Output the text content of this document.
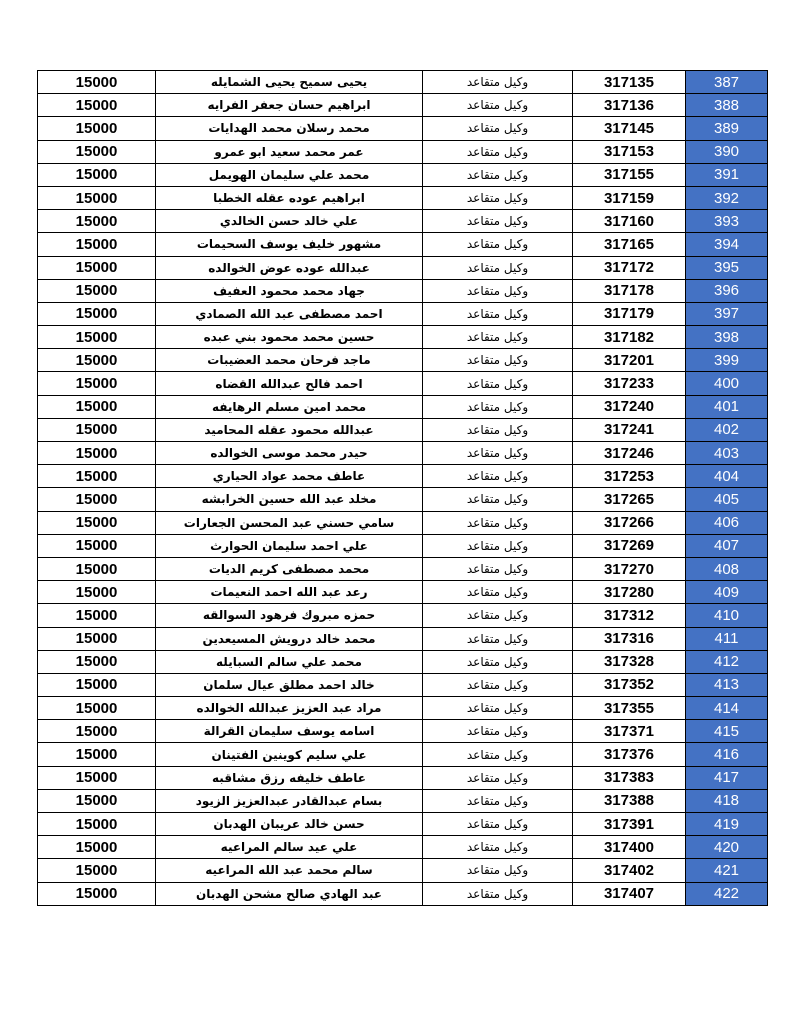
15000	يحيى سميح يحيى الشمايله	وكيل متقاعد	317135	387
15000	ابراهيم حسان جعفر الفرايه	وكيل متقاعد	317136	388
15000	محمد رسلان محمد الهدايات	وكيل متقاعد	317145	389
15000	عمر محمد سعيد ابو عمرو	وكيل متقاعد	317153	390
15000	محمد علي سليمان الهويمل	وكيل متقاعد	317155	391
15000	ابراهيم عوده عقله الخطبا	وكيل متقاعد	317159	392
15000	علي خالد حسن الخالدي	وكيل متقاعد	317160	393
15000	مشهور خليف يوسف السحيمات	وكيل متقاعد	317165	394
15000	عبدالله عوده عوض الخوالده	وكيل متقاعد	317172	395
15000	جهاد محمد محمود العفيف	وكيل متقاعد	317178	396
15000	احمد مصطفى عبد الله الصمادي	وكيل متقاعد	317179	397
15000	حسين محمد محمود بني عبده	وكيل متقاعد	317182	398
15000	ماجد فرحان محمد العضيبات	وكيل متقاعد	317201	399
15000	احمد فالح عبدالله القضاه	وكيل متقاعد	317233	400
15000	محمد امين مسلم الرهايفه	وكيل متقاعد	317240	401
15000	عبدالله محمود عقله المحاميد	وكيل متقاعد	317241	402
15000	حيدر محمد موسى الخوالده	وكيل متقاعد	317246	403
15000	عاطف محمد عواد الحياري	وكيل متقاعد	317253	404
15000	مخلد عبد الله حسين الخرابشه	وكيل متقاعد	317265	405
15000	سامي حسني عبد المحسن الجعارات	وكيل متقاعد	317266	406
15000	علي احمد سليمان الحوارث	وكيل متقاعد	317269	407
15000	محمد مصطفى كريم الديات	وكيل متقاعد	317270	408
15000	رعد عبد الله احمد النعيمات	وكيل متقاعد	317280	409
15000	حمزه مبروك فرهود السوالقه	وكيل متقاعد	317312	410
15000	محمد خالد درويش المسيعدين	وكيل متقاعد	317316	411
15000	محمد علي سالم السبايله	وكيل متقاعد	317328	412
15000	خالد احمد مطلق عيال سلمان	وكيل متقاعد	317352	413
15000	مراد عبد العزيز عبدالله الخوالده	وكيل متقاعد	317355	414
15000	اسامه يوسف سليمان القرالة	وكيل متقاعد	317371	415
15000	علي سليم كوينين الفتينان	وكيل متقاعد	317376	416
15000	عاطف خليفه رزق مشاقبه	وكيل متقاعد	317383	417
15000	بسام عبدالقادر عبدالعزيز الزيود	وكيل متقاعد	317388	418
15000	حسن خالد عريبان الهدبان	وكيل متقاعد	317391	419
15000	علي عيد سالم المراعيه	وكيل متقاعد	317400	420
15000	سالم محمد عبد الله المراعيه	وكيل متقاعد	317402	421
15000	عبد الهادي صالح مشحن الهدبان	وكيل متقاعد	317407	422
